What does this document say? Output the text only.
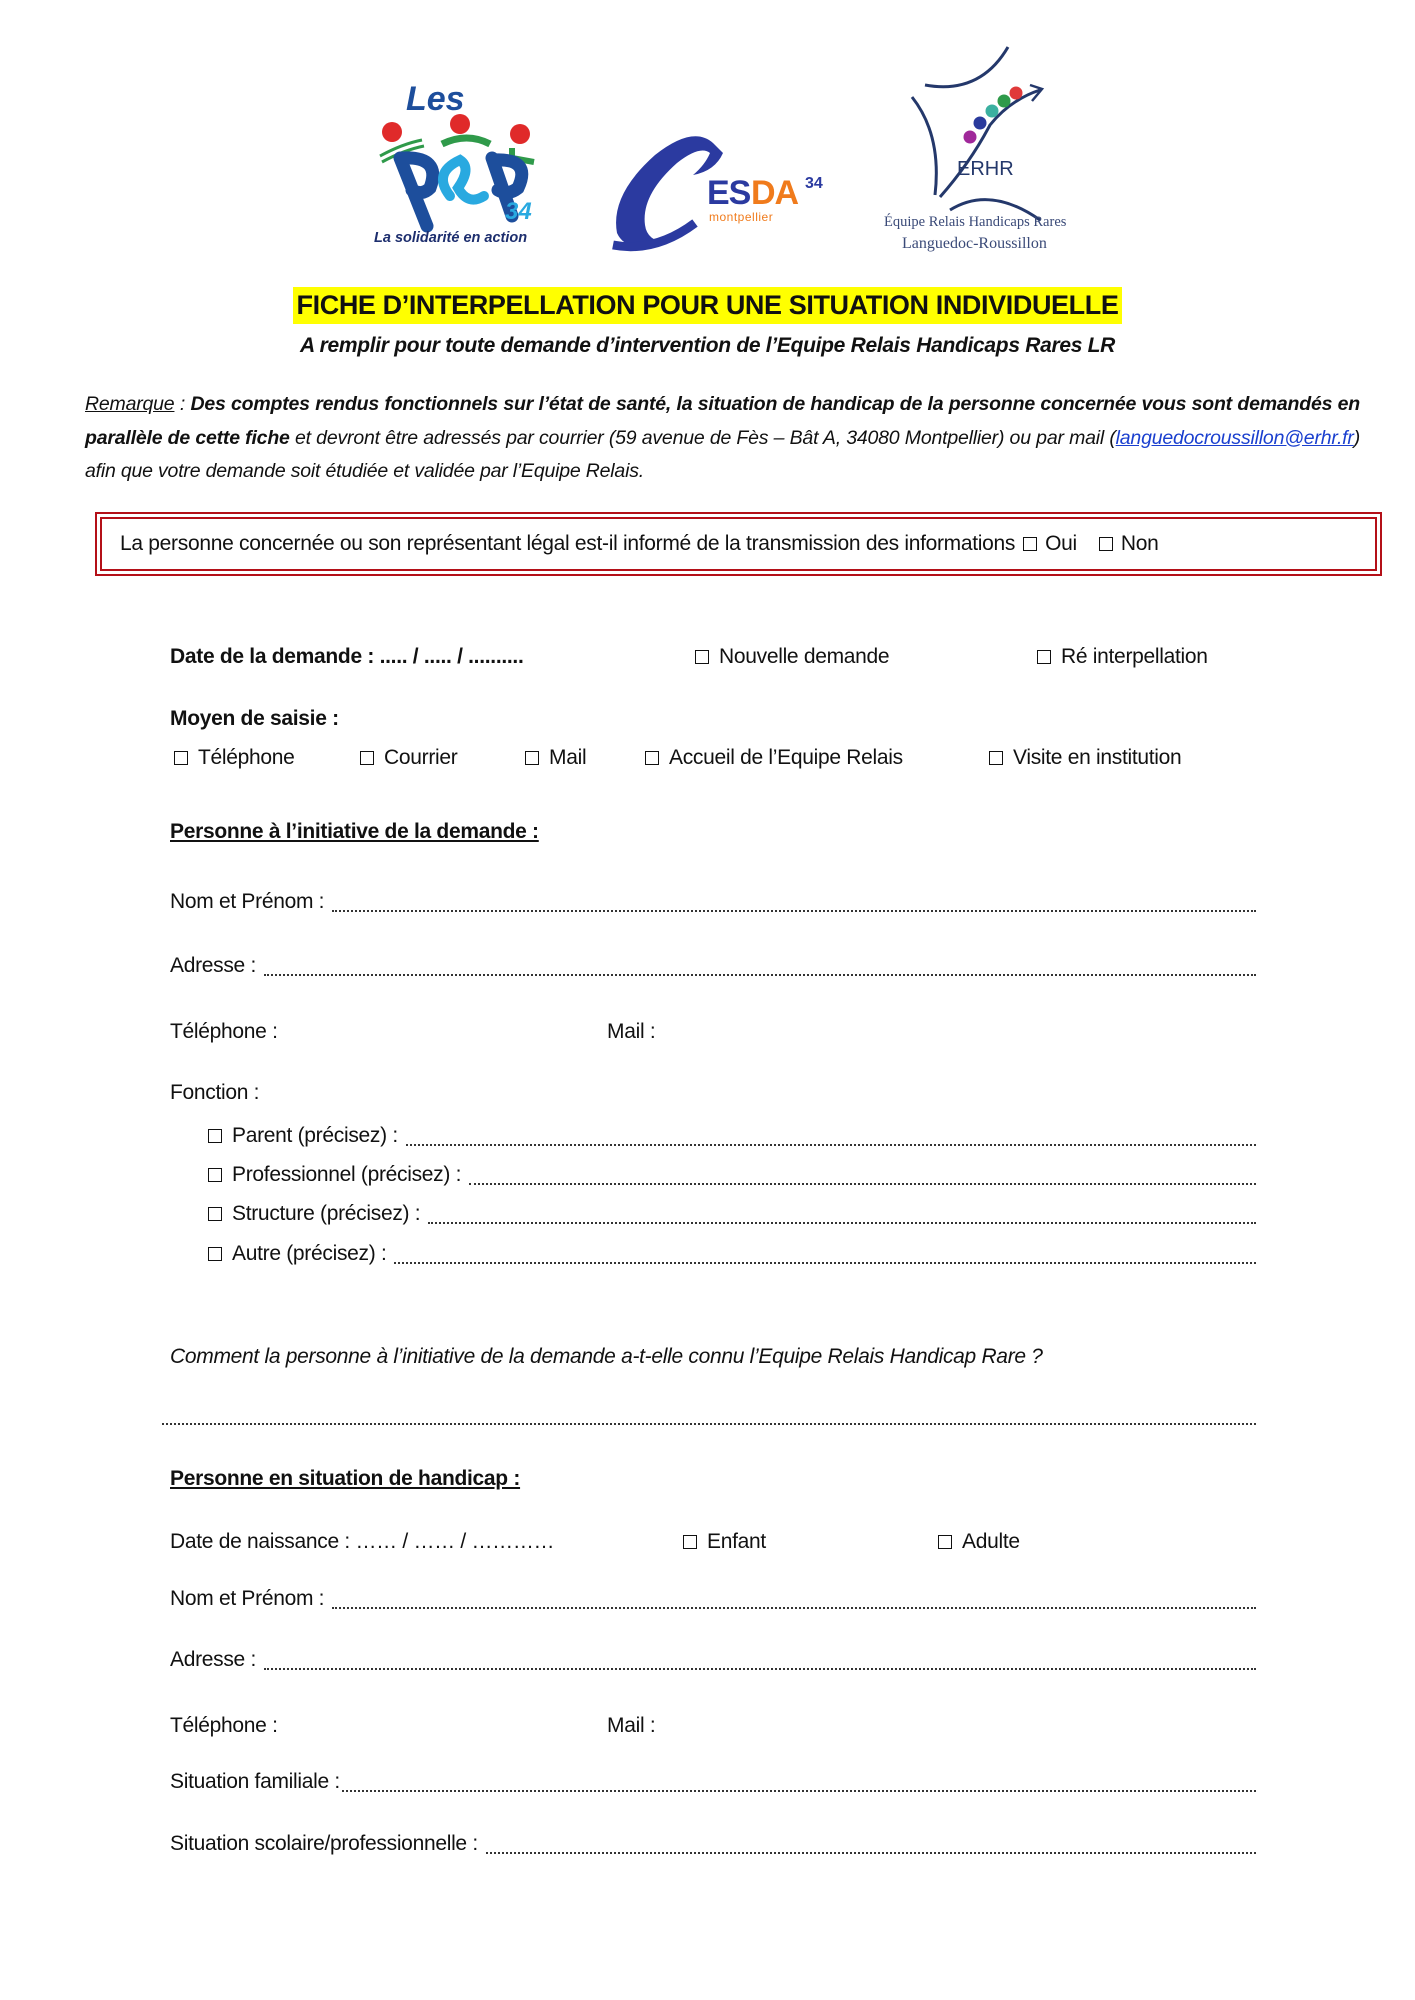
Les
34
La solidarité en action
ES DA 34
montpellier
ERHR
Équipe Relais Handicaps Rares
Languedoc-Roussillon
FICHE D’INTERPELLATION POUR UNE SITUATION INDIVIDUELLE
A remplir pour toute demande d’intervention de l’Equipe Relais Handicaps Rares LR
Remarque : Des comptes rendus fonctionnels sur l’état de santé, la situation de handicap de la personne concernée vous sont demandés en parallèle de cette fiche et devront être adressés par courrier (59 avenue de Fès – Bât A, 34080 Montpellier) ou par mail (languedocroussillon@erhr.fr) afin que votre demande soit étudiée et validée par l’Equipe Relais.
La personne concernée ou son représentant légal est-il informé de la transmission des informations Oui Non
Date de la demande : ..... / ..... / ..........	Nouvelle demande	Ré interpellation
Moyen de saisie :
Téléphone	Courrier	Mail	Accueil de l’Equipe Relais	Visite en institution
Personne à l’initiative de la demande :
Nom et Prénom :
Adresse :
Téléphone :	Mail :
Fonction :
Parent (précisez) :
Professionnel (précisez) :
Structure (précisez) :
Autre (précisez) :
Comment la personne à l’initiative de la demande a-t-elle connu l’Equipe Relais Handicap Rare ?
Personne en situation de handicap :
Date de naissance : …… / …… / …………	Enfant	Adulte
Nom et Prénom :
Adresse :
Téléphone :	Mail :
Situation familiale :
Situation scolaire/professionnelle :
